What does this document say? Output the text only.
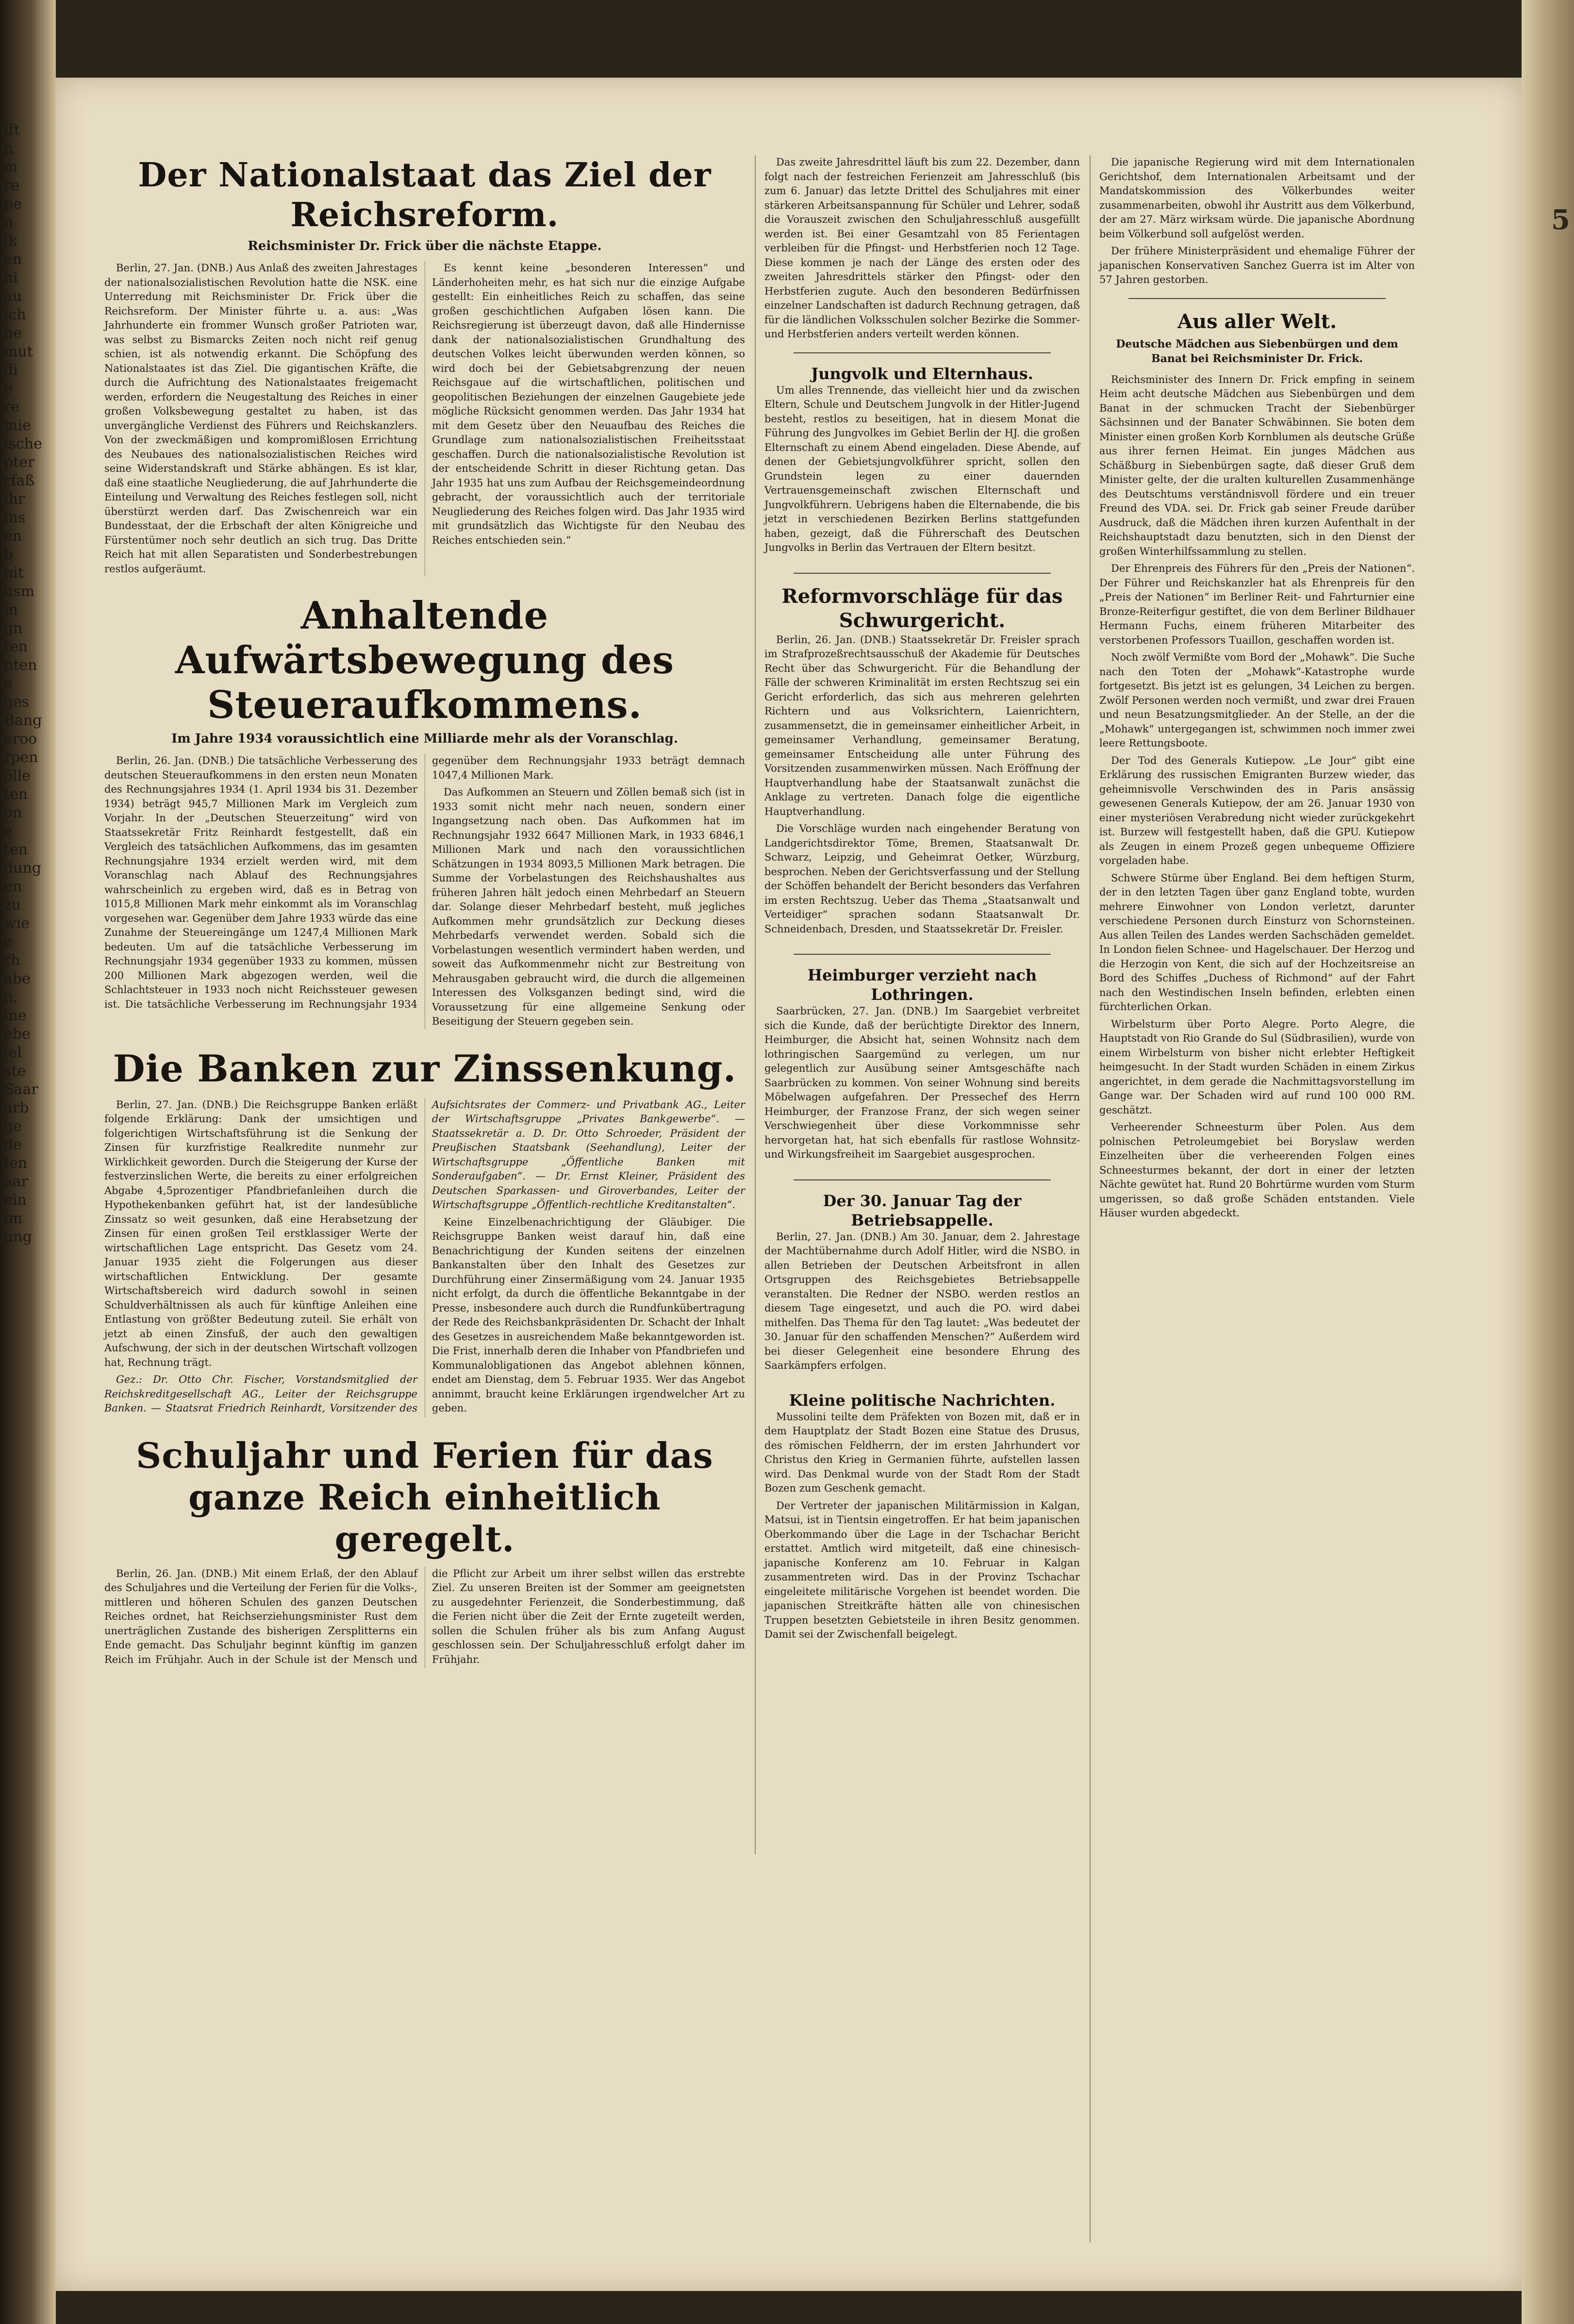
ift
n
m
re
pe
n
ik
en
hi
au
ich
he
mut
di
e
re
mie
ische
pter
rfaß
ihr
ins
en
b
nit
usm
in
gn
ten
nten
e
ges
Bang
eroo
rpen
ölle
ten
on
e
ten
dung
en
zu
wie
e
rh
abe
n,
ine
ebe
iel
ste
Saar
arb
ge
de
fen
aar
ein
im
ung
5
Der Nationalstaat das Ziel der Reichsreform.
Reichsminister Dr. Frick über die nächste Etappe.

Berlin, 27. Jan. (DNB.) Aus Anlaß des zweiten Jahrestages der nationalsozialistischen Revolution hatte die NSK. eine Unterredung mit Reichsminister Dr. Frick über die Reichsreform. Der Minister führte u. a. aus: „Was Jahrhunderte ein frommer Wunsch großer Patrioten war, was selbst zu Bismarcks Zeiten noch nicht reif genug schien, ist als notwendig erkannt. Die Schöpfung des Nationalstaates ist das Ziel. Die gigantischen Kräfte, die durch die Aufrichtung des Nationalstaates freigemacht werden, erfordern die Neugestaltung des Reiches in einer großen Volksbewegung gestaltet zu haben, ist das unvergängliche Verdienst des Führers und Reichskanzlers. Von der zweckmäßigen und kompromißlosen Errichtung des Neubaues des nationalsozialistischen Reiches wird seine Widerstandskraft und Stärke abhängen. Es ist klar, daß eine staatliche Neugliederung, die auf Jahrhunderte die Einteilung und Verwaltung des Reiches festlegen soll, nicht überstürzt werden darf. Das Zwischenreich war ein Bundesstaat, der die Erbschaft der alten Königreiche und Fürstentümer noch sehr deutlich an sich trug. Das Dritte Reich hat mit allen Separatisten und Sonderbestrebungen restlos aufgeräumt.

Es kennt keine „besonderen Interessen“ und Länderhoheiten mehr, es hat sich nur die einzige Aufgabe gestellt: Ein einheitliches Reich zu schaffen, das seine großen geschichtlichen Aufgaben lösen kann. Die Reichsregierung ist überzeugt davon, daß alle Hindernisse dank der nationalsozialistischen Grundhaltung des deutschen Volkes leicht überwunden werden können, so wird doch bei der Gebietsabgrenzung der neuen Reichsgaue auf die wirtschaftlichen, politischen und geopolitischen Beziehungen der einzelnen Gaugebiete jede mögliche Rücksicht genommen werden. Das Jahr 1934 hat mit dem Gesetz über den Neuaufbau des Reiches die Grundlage zum nationalsozialistischen Freiheitsstaat geschaffen. Durch die nationalsozialistische Revolution ist der entscheidende Schritt in dieser Richtung getan. Das Jahr 1935 hat uns zum Aufbau der Reichsgemeindeordnung gebracht, der voraussichtlich auch der territoriale Neugliederung des Reiches folgen wird. Das Jahr 1935 wird mit grundsätzlich das Wichtigste für den Neubau des Reiches entschieden sein.“

Anhaltende Aufwärtsbewegung des Steueraufkommens.
Im Jahre 1934 voraussichtlich eine Milliarde mehr als der Voranschlag.

Berlin, 26. Jan. (DNB.) Die tatsächliche Verbesserung des deutschen Steueraufkommens in den ersten neun Monaten des Rechnungsjahres 1934 (1. April 1934 bis 31. Dezember 1934) beträgt 945,7 Millionen Mark im Vergleich zum Vorjahr. In der „Deutschen Steuerzeitung“ wird von Staatssekretär Fritz Reinhardt festgestellt, daß ein Vergleich des tatsächlichen Aufkommens, das im gesamten Rechnungsjahre 1934 erzielt werden wird, mit dem Voranschlag nach Ablauf des Rechnungsjahres wahrscheinlich zu ergeben wird, daß es in Betrag von 1015,8 Millionen Mark mehr einkommt als im Voranschlag vorgesehen war. Gegenüber dem Jahre 1933 würde das eine Zunahme der Steuereingänge um 1247,4 Millionen Mark bedeuten. Um auf die tatsächliche Verbesserung im Rechnungsjahr 1934 gegenüber 1933 zu kommen, müssen 200 Millionen Mark abgezogen werden, weil die Schlachtsteuer in 1933 noch nicht Reichssteuer gewesen ist. Die tatsächliche Verbesserung im Rechnungsjahr 1934 gegenüber dem Rechnungsjahr 1933 beträgt demnach 1047,4 Millionen Mark.

Das Aufkommen an Steuern und Zöllen bemaß sich (ist in 1933 somit nicht mehr nach neuen, sondern einer Ingangsetzung nach oben. Das Aufkommen hat im Rechnungsjahr 1932 6647 Millionen Mark, in 1933 6846,1 Millionen Mark und nach den voraussichtlichen Schätzungen in 1934 8093,5 Millionen Mark betragen. Die Summe der Vorbelastungen des Reichshaushaltes aus früheren Jahren hält jedoch einen Mehrbedarf an Steuern dar. Solange dieser Mehrbedarf besteht, muß jegliches Aufkommen mehr grundsätzlich zur Deckung dieses Mehrbedarfs verwendet werden. Sobald sich die Vorbelastungen wesentlich vermindert haben werden, und soweit das Aufkommenmehr nicht zur Bestreitung von Mehrausgaben gebraucht wird, die durch die allgemeinen Interessen des Volksganzen bedingt sind, wird die Voraussetzung für eine allgemeine Senkung oder Beseitigung der Steuern gegeben sein.

Die Banken zur Zinssenkung.

Berlin, 27. Jan. (DNB.) Die Reichsgruppe Banken erläßt folgende Erklärung: Dank der umsichtigen und folgerichtigen Wirtschaftsführung ist die Senkung der Zinsen für kurzfristige Realkredite nunmehr zur Wirklichkeit geworden. Durch die Steigerung der Kurse der festverzinslichen Werte, die bereits zu einer erfolgreichen Abgabe 4,5prozentiger Pfandbriefanleihen durch die Hypothekenbanken geführt hat, ist der landesübliche Zinssatz so weit gesunken, daß eine Herabsetzung der Zinsen für einen großen Teil erstklassiger Werte der wirtschaftlichen Lage entspricht. Das Gesetz vom 24. Januar 1935 zieht die Folgerungen aus dieser wirtschaftlichen Entwicklung. Der gesamte Wirtschaftsbereich wird dadurch sowohl in seinen Schuldverhältnissen als auch für künftige Anleihen eine Entlastung von größter Bedeutung zuteil. Sie erhält von jetzt ab einen Zinsfuß, der auch den gewaltigen Aufschwung, der sich in der deutschen Wirtschaft vollzogen hat, Rechnung trägt.

Gez.: Dr. Otto Chr. Fischer, Vorstandsmitglied der Reichskreditgesellschaft AG., Leiter der Reichsgruppe Banken. — Staatsrat Friedrich Reinhardt, Vorsitzender des Aufsichtsrates der Commerz- und Privatbank AG., Leiter der Wirtschaftsgruppe „Privates Bankgewerbe“. — Staatssekretär a. D. Dr. Otto Schroeder, Präsident der Preußischen Staatsbank (Seehandlung), Leiter der Wirtschaftsgruppe „Öffentliche Banken mit Sonderaufgaben“. — Dr. Ernst Kleiner, Präsident des Deutschen Sparkassen- und Giroverbandes, Leiter der Wirtschaftsgruppe „Öffentlich-rechtliche Kreditanstalten“.

Keine Einzelbenachrichtigung der Gläubiger. Die Reichsgruppe Banken weist darauf hin, daß eine Benachrichtigung der Kunden seitens der einzelnen Bankanstalten über den Inhalt des Gesetzes zur Durchführung einer Zinsermäßigung vom 24. Januar 1935 nicht erfolgt, da durch die öffentliche Bekanntgabe in der Presse, insbesondere auch durch die Rundfunkübertragung der Rede des Reichsbankpräsidenten Dr. Schacht der Inhalt des Gesetzes in ausreichendem Maße bekanntgeworden ist. Die Frist, innerhalb deren die Inhaber von Pfandbriefen und Kommunalobligationen das Angebot ablehnen können, endet am Dienstag, dem 5. Februar 1935. Wer das Angebot annimmt, braucht keine Erklärungen irgendwelcher Art zu geben.

Schuljahr und Ferien für das ganze Reich einheitlich geregelt.

Berlin, 26. Jan. (DNB.) Mit einem Erlaß, der den Ablauf des Schuljahres und die Verteilung der Ferien für die Volks-, mittleren und höheren Schulen des ganzen Deutschen Reiches ordnet, hat Reichserziehungsminister Rust dem unerträglichen Zustande des bisherigen Zersplitterns ein Ende gemacht. Das Schuljahr beginnt künftig im ganzen Reich im Frühjahr. Auch in der Schule ist der Mensch und die Pflicht zur Arbeit um ihrer selbst willen das erstrebte Ziel. Zu unseren Breiten ist der Sommer am geeignetsten zu ausgedehnter Ferienzeit, die Sonderbestimmung, daß die Ferien nicht über die Zeit der Ernte zugeteilt werden, sollen die Schulen früher als bis zum Anfang August geschlossen sein. Der Schuljahresschluß erfolgt daher im Frühjahr.

Das zweite Jahresdrittel läuft bis zum 22. Dezember, dann folgt nach der festreichen Ferienzeit am Jahresschluß (bis zum 6. Januar) das letzte Drittel des Schuljahres mit einer stärkeren Arbeitsanspannung für Schüler und Lehrer, sodaß die Vorauszeit zwischen den Schuljahresschluß ausgefüllt werden ist. Bei einer Gesamtzahl von 85 Ferientagen verbleiben für die Pfingst- und Herbstferien noch 12 Tage. Diese kommen je nach der Länge des ersten oder des zweiten Jahresdrittels stärker den Pfingst- oder den Herbstferien zugute. Auch den besonderen Bedürfnissen einzelner Landschaften ist dadurch Rechnung getragen, daß für die ländlichen Volksschulen solcher Bezirke die Sommer- und Herbstferien anders verteilt werden können.

Jungvolk und Elternhaus.

Um alles Trennende, das vielleicht hier und da zwischen Eltern, Schule und Deutschem Jungvolk in der Hitler-Jugend besteht, restlos zu beseitigen, hat in diesem Monat die Führung des Jungvolkes im Gebiet Berlin der HJ. die großen Elternschaft zu einem Abend eingeladen. Diese Abende, auf denen der Gebietsjungvolkführer spricht, sollen den Grundstein legen zu einer dauernden Vertrauensgemeinschaft zwischen Elternschaft und Jungvolkführern. Uebrigens haben die Elternabende, die bis jetzt in verschiedenen Bezirken Berlins stattgefunden haben, gezeigt, daß die Führerschaft des Deutschen Jungvolks in Berlin das Vertrauen der Eltern besitzt.

Reformvorschläge für das Schwurgericht.

Berlin, 26. Jan. (DNB.) Staatssekretär Dr. Freisler sprach im Strafprozeßrechtsausschuß der Akademie für Deutsches Recht über das Schwurgericht. Für die Behandlung der Fälle der schweren Kriminalität im ersten Rechtszug sei ein Gericht erforderlich, das sich aus mehreren gelehrten Richtern und aus Volksrichtern, Laienrichtern, zusammensetzt, die in gemeinsamer einheitlicher Arbeit, in gemeinsamer Verhandlung, gemeinsamer Beratung, gemeinsamer Entscheidung alle unter Führung des Vorsitzenden zusammenwirken müssen. Nach Eröffnung der Hauptverhandlung habe der Staatsanwalt zunächst die Anklage zu vertreten. Danach folge die eigentliche Hauptverhandlung.

Die Vorschläge wurden nach eingehender Beratung von Landgerichtsdirektor Töme, Bremen, Staatsanwalt Dr. Schwarz, Leipzig, und Geheimrat Oetker, Würzburg, besprochen. Neben der Gerichtsverfassung und der Stellung der Schöffen behandelt der Bericht besonders das Verfahren im ersten Rechtszug. Ueber das Thema „Staatsanwalt und Verteidiger“ sprachen sodann Staatsanwalt Dr. Schneidenbach, Dresden, und Staatssekretär Dr. Freisler.

Heimburger verzieht nach Lothringen.

Saarbrücken, 27. Jan. (DNB.) Im Saargebiet verbreitet sich die Kunde, daß der berüchtigte Direktor des Innern, Heimburger, die Absicht hat, seinen Wohnsitz nach dem lothringischen Saargemünd zu verlegen, um nur gelegentlich zur Ausübung seiner Amtsgeschäfte nach Saarbrücken zu kommen. Von seiner Wohnung sind bereits Möbelwagen aufgefahren. Der Pressechef des Herrn Heimburger, der Franzose Franz, der sich wegen seiner Verschwiegenheit über diese Vorkommnisse sehr hervorgetan hat, hat sich ebenfalls für rastlose Wohnsitz- und Wirkungsfreiheit im Saargebiet ausgesprochen.

Der 30. Januar Tag der Betriebsappelle.

Berlin, 27. Jan. (DNB.) Am 30. Januar, dem 2. Jahrestage der Machtübernahme durch Adolf Hitler, wird die NSBO. in allen Betrieben der Deutschen Arbeitsfront in allen Ortsgruppen des Reichsgebietes Betriebsappelle veranstalten. Die Redner der NSBO. werden restlos an diesem Tage eingesetzt, und auch die PO. wird dabei mithelfen. Das Thema für den Tag lautet: „Was bedeutet der 30. Januar für den schaffenden Menschen?“ Außerdem wird bei dieser Gelegenheit eine besondere Ehrung des Saarkämpfers erfolgen.

Kleine politische Nachrichten.

Mussolini teilte dem Präfekten von Bozen mit, daß er in dem Hauptplatz der Stadt Bozen eine Statue des Drusus, des römischen Feldherrn, der im ersten Jahrhundert vor Christus den Krieg in Germanien führte, aufstellen lassen wird. Das Denkmal wurde von der Stadt Rom der Stadt Bozen zum Geschenk gemacht.

Der Vertreter der japanischen Militärmission in Kalgan, Matsui, ist in Tientsin eingetroffen. Er hat beim japanischen Oberkommando über die Lage in der Tschachar Bericht erstattet. Amtlich wird mitgeteilt, daß eine chinesisch-japanische Konferenz am 10. Februar in Kalgan zusammentreten wird. Das in der Provinz Tschachar eingeleitete militärische Vorgehen ist beendet worden. Die japanischen Streitkräfte hätten alle von chinesischen Truppen besetzten Gebietsteile in ihren Besitz genommen. Damit sei der Zwischenfall beigelegt.

Die japanische Regierung wird mit dem Internationalen Gerichtshof, dem Internationalen Arbeitsamt und der Mandatskommission des Völkerbundes weiter zusammenarbeiten, obwohl ihr Austritt aus dem Völkerbund, der am 27. März wirksam würde. Die japanische Abordnung beim Völkerbund soll aufgelöst werden.

Der frühere Ministerpräsident und ehemalige Führer der japanischen Konservativen Sanchez Guerra ist im Alter von 57 Jahren gestorben.

Aus aller Welt.
Deutsche Mädchen aus Siebenbürgen und dem Banat bei Reichsminister Dr. Frick.

Reichsminister des Innern Dr. Frick empfing in seinem Heim acht deutsche Mädchen aus Siebenbürgen und dem Banat in der schmucken Tracht der Siebenbürger Sächsinnen und der Banater Schwäbinnen. Sie boten dem Minister einen großen Korb Kornblumen als deutsche Grüße aus ihrer fernen Heimat. Ein junges Mädchen aus Schäßburg in Siebenbürgen sagte, daß dieser Gruß dem Minister gelte, der die uralten kulturellen Zusammenhänge des Deutschtums verständnisvoll fördere und ein treuer Freund des VDA. sei. Dr. Frick gab seiner Freude darüber Ausdruck, daß die Mädchen ihren kurzen Aufenthalt in der Reichshauptstadt dazu benutzten, sich in den Dienst der großen Winterhilfssammlung zu stellen.

Der Ehrenpreis des Führers für den „Preis der Nationen“. Der Führer und Reichskanzler hat als Ehrenpreis für den „Preis der Nationen“ im Berliner Reit- und Fahrturnier eine Bronze-Reiterfigur gestiftet, die von dem Berliner Bildhauer Hermann Fuchs, einem früheren Mitarbeiter des verstorbenen Professors Tuaillon, geschaffen worden ist.

Noch zwölf Vermißte vom Bord der „Mohawk“. Die Suche nach den Toten der „Mohawk“-Katastrophe wurde fortgesetzt. Bis jetzt ist es gelungen, 34 Leichen zu bergen. Zwölf Personen werden noch vermißt, und zwar drei Frauen und neun Besatzungsmitglieder. An der Stelle, an der die „Mohawk“ untergegangen ist, schwimmen noch immer zwei leere Rettungsboote.

Der Tod des Generals Kutiepow. „Le Jour“ gibt eine Erklärung des russischen Emigranten Burzew wieder, das geheimnisvolle Verschwinden des in Paris ansässig gewesenen Generals Kutiepow, der am 26. Januar 1930 von einer mysteriösen Verabredung nicht wieder zurückgekehrt ist. Burzew will festgestellt haben, daß die GPU. Kutiepow als Zeugen in einem Prozeß gegen unbequeme Offiziere vorgeladen habe.

Schwere Stürme über England. Bei dem heftigen Sturm, der in den letzten Tagen über ganz England tobte, wurden mehrere Einwohner von London verletzt, darunter verschiedene Personen durch Einsturz von Schornsteinen. Aus allen Teilen des Landes werden Sachschäden gemeldet. In London fielen Schnee- und Hagelschauer. Der Herzog und die Herzogin von Kent, die sich auf der Hochzeitsreise an Bord des Schiffes „Duchess of Richmond“ auf der Fahrt nach den Westindischen Inseln befinden, erlebten einen fürchterlichen Orkan.

Wirbelsturm über Porto Alegre. Porto Alegre, die Hauptstadt von Rio Grande do Sul (Südbrasilien), wurde von einem Wirbelsturm von bisher nicht erlebter Heftigkeit heimgesucht. In der Stadt wurden Schäden in einem Zirkus angerichtet, in dem gerade die Nachmittagsvorstellung im Gange war. Der Schaden wird auf rund 100 000 RM. geschätzt.

Verheerender Schneesturm über Polen. Aus dem polnischen Petroleumgebiet bei Boryslaw werden Einzelheiten über die verheerenden Folgen eines Schneesturmes bekannt, der dort in einer der letzten Nächte gewütet hat. Rund 20 Bohrtürme wurden vom Sturm umgerissen, so daß große Schäden entstanden. Viele Häuser wurden abgedeckt.
